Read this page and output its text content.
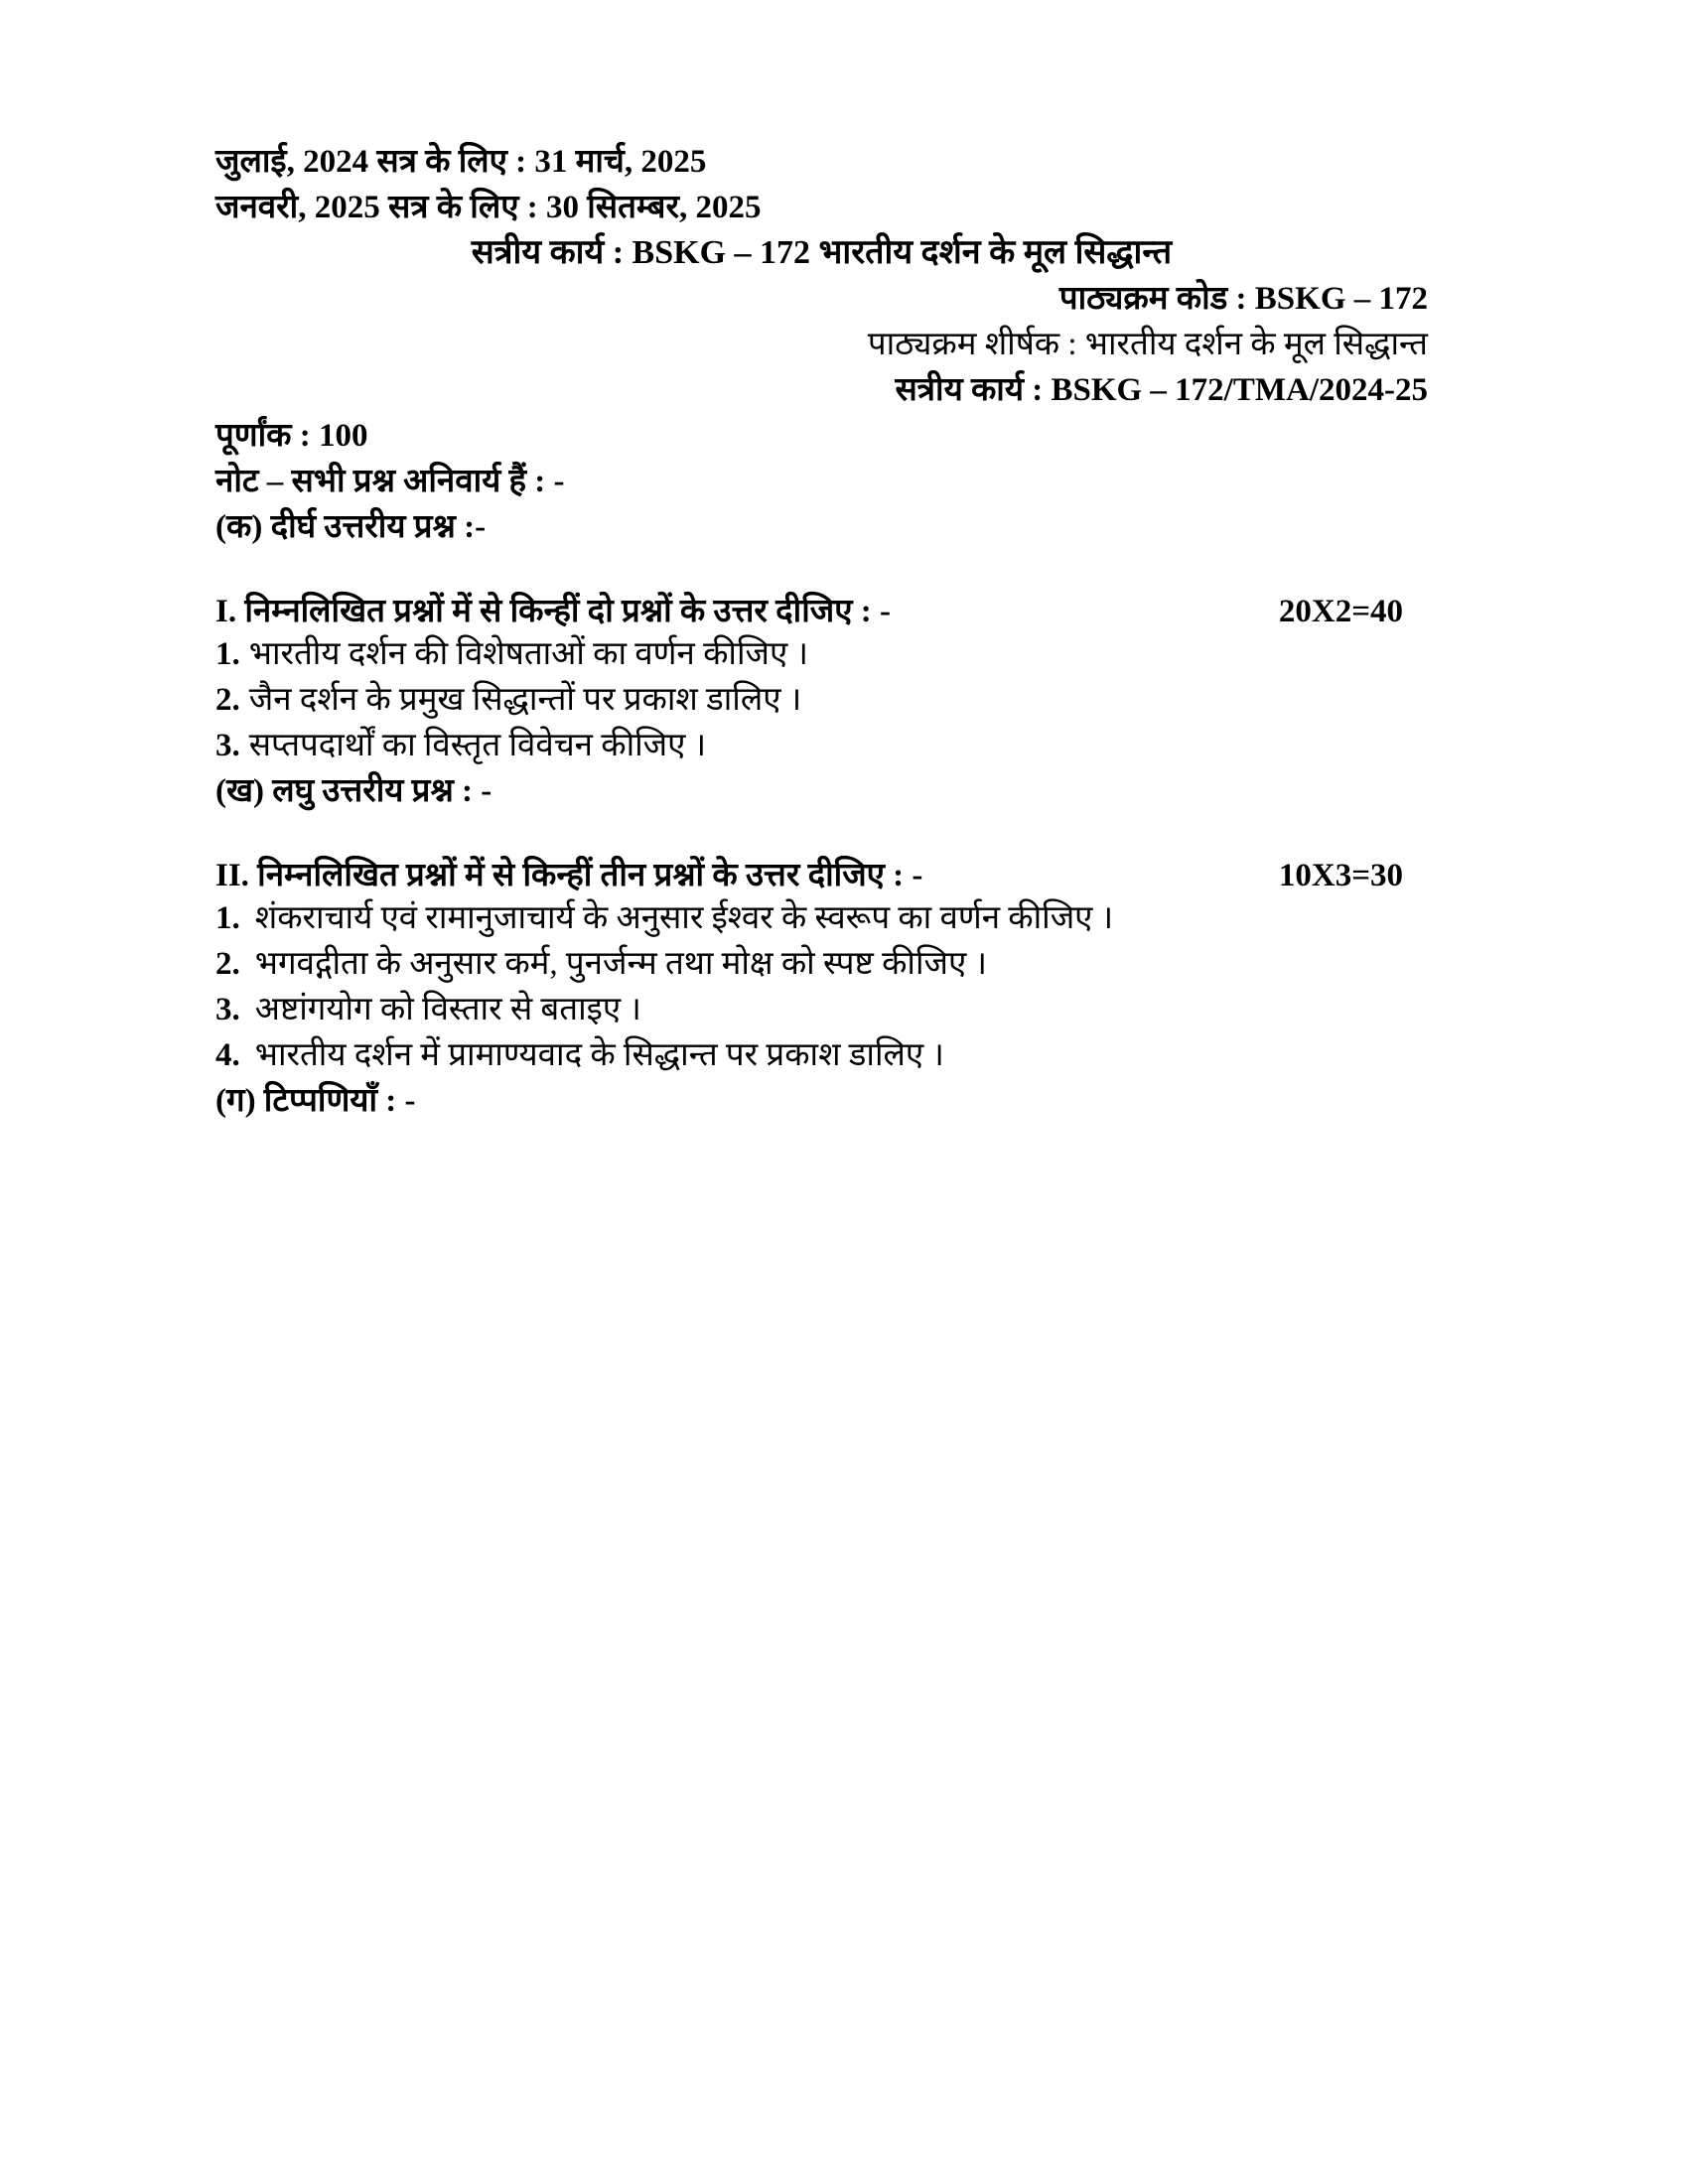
जुलाई, 2024 सत्र के लिए : 31 मार्च, 2025

जनवरी, 2025 सत्र के लिए : 30 सितम्बर, 2025

सत्रीय कार्य : BSKG – 172 भारतीय दर्शन के मूल सिद्धान्त

पाठ्यक्रम कोड : BSKG – 172

पाठ्यक्रम शीर्षक : भारतीय दर्शन के मूल सिद्धान्त

सत्रीय कार्य : BSKG – 172/TMA/2024-25

पूर्णांक : 100

नोट – सभी प्रश्न अनिवार्य हैं : -

(क) दीर्घ उत्तरीय प्रश्न :-

I. निम्नलिखित प्रश्नों में से किन्हीं दो प्रश्नों के उत्तर दीजिए : -	20X2=40

1. भारतीय दर्शन की विशेषताओं का वर्णन कीजिए ।

2. जैन दर्शन के प्रमुख सिद्धान्तों पर प्रकाश डालिए ।

3. सप्तपदार्थों का विस्तृत विवेचन कीजिए ।

(ख) लघु उत्तरीय प्रश्न : -

II. निम्नलिखित प्रश्नों में से किन्हीं तीन प्रश्नों के उत्तर दीजिए : -	10X3=30

1. शंकराचार्य एवं रामानुजाचार्य के अनुसार ईश्वर के स्वरूप का वर्णन कीजिए ।

2. भगवद्गीता के अनुसार कर्म, पुनर्जन्म तथा मोक्ष को स्पष्ट कीजिए ।

3. अष्टांगयोग को विस्तार से बताइए ।

4. भारतीय दर्शन में प्रामाण्यवाद के सिद्धान्त पर प्रकाश डालिए ।

(ग) टिप्पणियाँ : -
